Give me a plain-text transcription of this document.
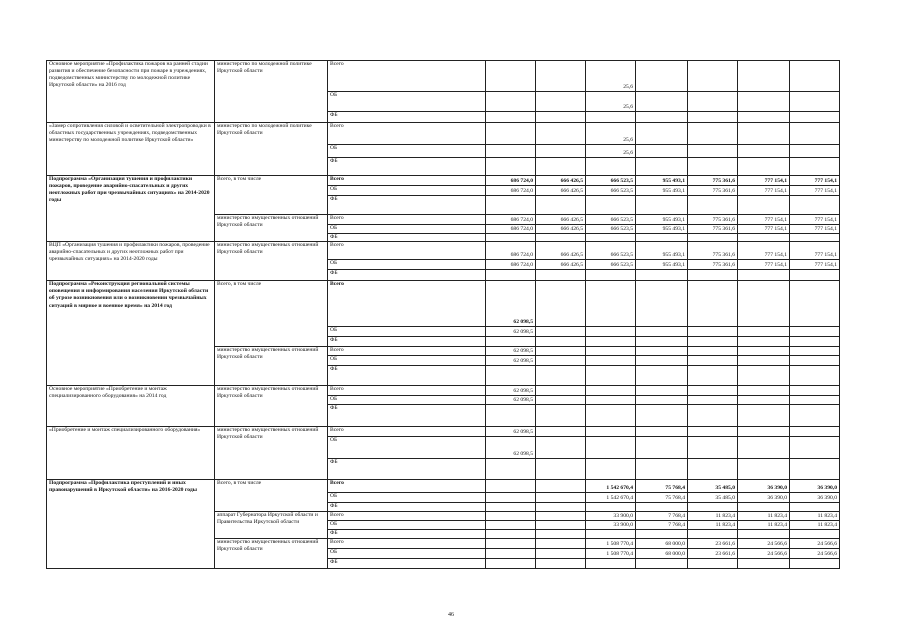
Основное мероприятие «Профилактика пожаров на ранней стадии развития и обеспечение безопасности при пожаре в учреждениях, подведомственных министерству по молодежной политике Иркутской области» на 2016 год	министерство по молодежной политике Иркутской области	Всего			25,6				
		ОБ			25,6				
		ФБ							
«Замер сопротивления силовой и осветительной электропроводки в областных государственных учреждениях, подведомственных министерству по молодежной политике Иркутской области»	министерство по молодежной политике Иркутской области	Всего			25,6				
		ОБ			25,6				
		ФБ							
Подпрограмма «Организация тушения и профилактики пожаров, проведение аварийно-спасательных и других неотложных работ при чрезвычайных ситуациях» на 2014-2020 годы	Всего, в том числе	Всего	686 724,0	666 426,5	666 523,5	955 493,1	775 361,6	777 154,1	777 154,1
		ОБ	686 724,0	666 426,5	666 523,5	955 493,1	775 361,6	777 154,1	777 154,1
		ФБ							
	министерство имущественных отношений Иркутской области	Всего	686 724,0	666 426,5	666 523,5	955 493,1	775 361,6	777 154,1	777 154,1
		ОБ	686 724,0	666 426,5	666 523,5	955 493,1	775 361,6	777 154,1	777 154,1
		ФБ							
ВЦП «Организация тушения и профилактики пожаров, проведение аварийно-спасательных и других неотложных работ при чрезвычайных ситуациях» на 2014-2020 годы	министерство имущественных отношений Иркутской области	Всего	686 724,0	666 426,5	666 523,5	955 493,1	775 361,6	777 154,1	777 154,1
		ОБ	686 724,0	666 426,5	666 523,5	955 493,1	775 361,6	777 154,1	777 154,1
		ФБ							
Подпрограмма «Реконструкция региональной системы оповещения и информирования населения Иркутской области об угрозе возникновения или о возникновении чрезвычайных ситуаций в мирное и военное время» на 2014 год	Всего, в том числе	Всего	62 098,5						
		ОБ	62 098,5						
		ФБ							
	министерство имущественных отношений Иркутской области	Всего	62 098,5						
		ОБ	62 098,5						
		ФБ							
Основное мероприятие «Приобретение и монтаж специализированного оборудования» на 2014 год	министерство имущественных отношений Иркутской области	Всего	62 098,5						
		ОБ	62 098,5						
		ФБ							
«Приобретение и монтаж специализированного оборудования»	министерство имущественных отношений Иркутской области	Всего	62 098,5						
		ОБ	62 098,5						
		ФБ							
Подпрограмма «Профилактика преступлений и иных правонарушений в Иркутской области» на 2016-2020 годы	Всего, в том числе	Всего			1 542 670,4	75 768,4	35 485,0	36 390,0	36 390,0
		ОБ			1 542 670,4	75 768,4	35 485,0	36 390,0	36 390,0
		ФБ							
	аппарат Губернатора Иркутской области и Правительства Иркутской области	Всего			33 900,0	7 768,4	11 823,4	11 823,4	11 823,4
		ОБ			33 900,0	7 768,4	11 823,4	11 823,4	11 823,4
		ФБ							
	министерство имущественных отношений Иркутской области	Всего			1 508 770,4	68 000,0	23 661,6	24 566,6	24 566,6
		ОБ			1 508 770,4	68 000,0	23 661,6	24 566,6	24 566,6
		ФБ							
46
